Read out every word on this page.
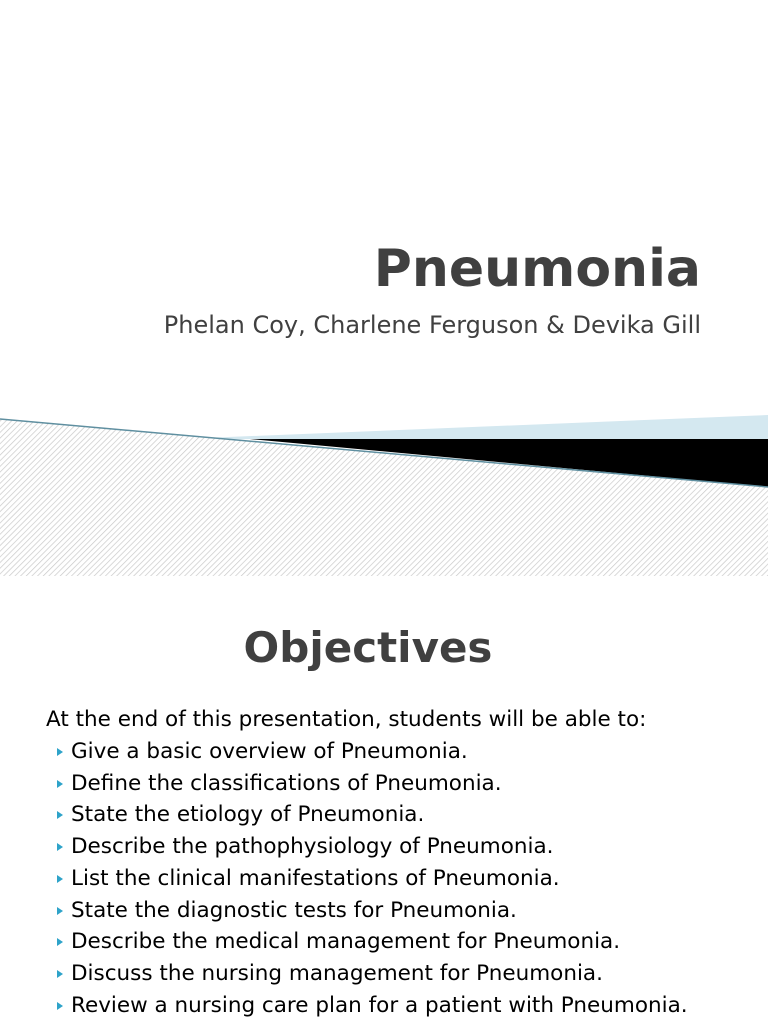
Pneumonia
Phelan Coy, Charlene Ferguson & Devika Gill
Objectives
At the end of this presentation, students will be able to:
Give a basic overview of Pneumonia.
Define the classifications of Pneumonia.
State the etiology of Pneumonia.
Describe the pathophysiology of Pneumonia.
List the clinical manifestations of Pneumonia.
State the diagnostic tests for Pneumonia.
Describe the medical management for Pneumonia.
Discuss the nursing management for Pneumonia.
Review a nursing care plan for a patient with Pneumonia.
